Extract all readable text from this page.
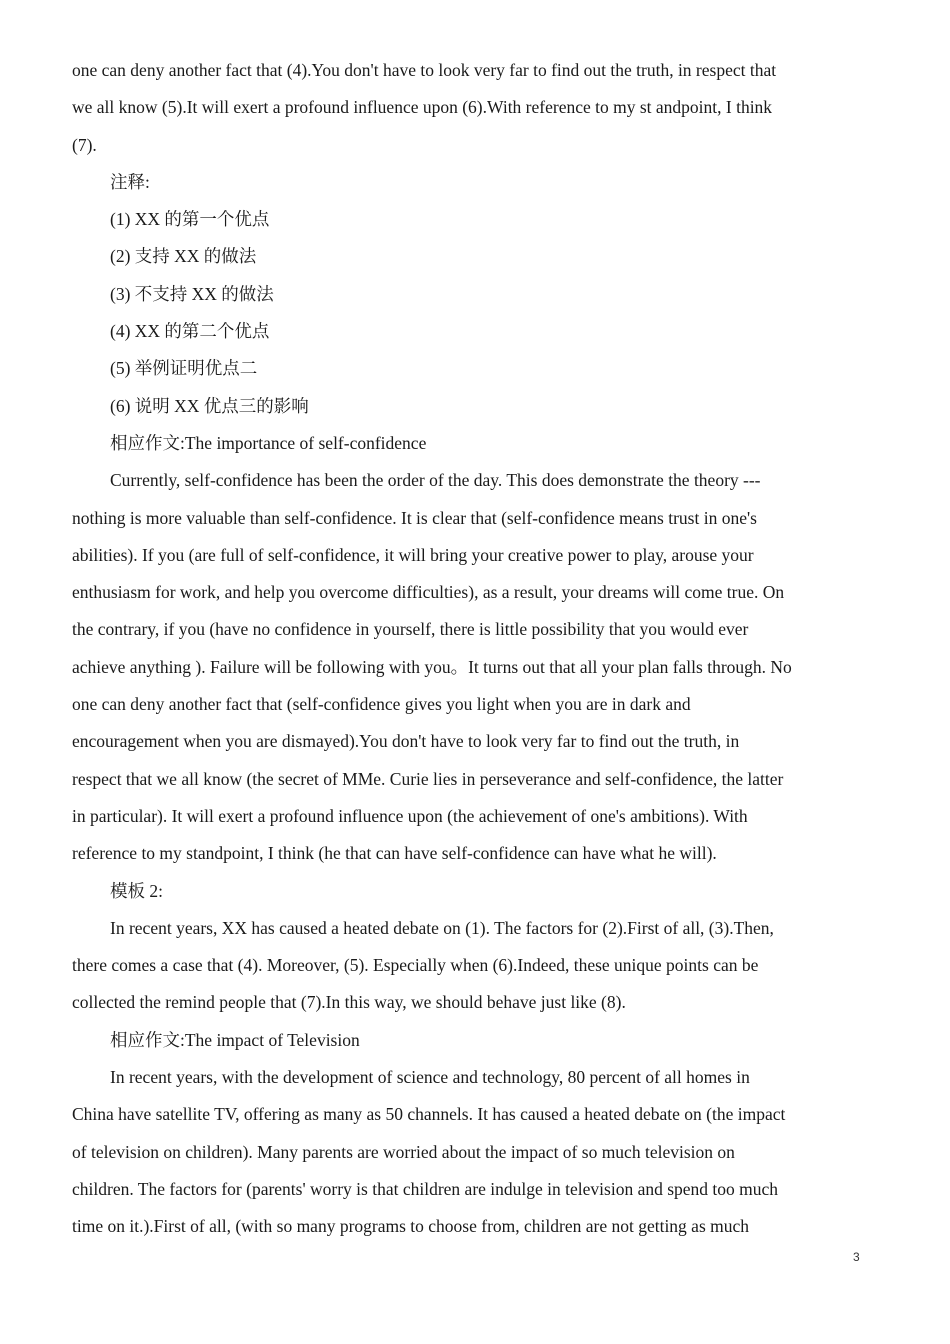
one can deny another fact that (4).You don't have to look very far to find out the truth, in respect that
we all know (5).It will exert a profound influence upon (6).With reference to my st andpoint, I think
(7).
注释:
(1) XX 的第一个优点
(2) 支持 XX 的做法
(3) 不支持 XX 的做法
(4) XX 的第二个优点
(5) 举例证明优点二
(6) 说明 XX 优点三的影响
相应作文:The importance of self-confidence
Currently, self-confidence has been the order of the day. This does demonstrate the theory ---
nothing is more valuable than self-confidence. It is clear that (self-confidence means trust in one's
abilities). If you (are full of self-confidence, it will bring your creative power to play, arouse your
enthusiasm for work, and help you overcome difficulties), as a result, your dreams will come true. On
the contrary, if you (have no confidence in yourself, there is little possibility that you would ever
achieve anything ). Failure will be following with you。It turns out that all your plan falls through. No
one can deny another fact that (self-confidence gives you light when you are in dark and
encouragement when you are dismayed).You don't have to look very far to find out the truth, in
respect that we all know (the secret of MMe. Curie lies in perseverance and self-confidence, the latter
in particular). It will exert a profound influence upon (the achievement of one's ambitions). With
reference to my standpoint, I think (he that can have self-confidence can have what he will).
模板 2:
In recent years, XX has caused a heated debate on (1). The factors for (2).First of all, (3).Then,
there comes a case that (4). Moreover, (5). Especially when (6).Indeed, these unique points can be
collected the remind people that (7).In this way, we should behave just like (8).
相应作文:The impact of Television
In recent years, with the development of science and technology, 80 percent of all homes in
China have satellite TV, offering as many as 50 channels. It has caused a heated debate on (the impact
of television on children). Many parents are worried about the impact of so much television on
children. The factors for (parents' worry is that children are indulge in television and spend too much
time on it.).First of all, (with so many programs to choose from, children are not getting as much
3
